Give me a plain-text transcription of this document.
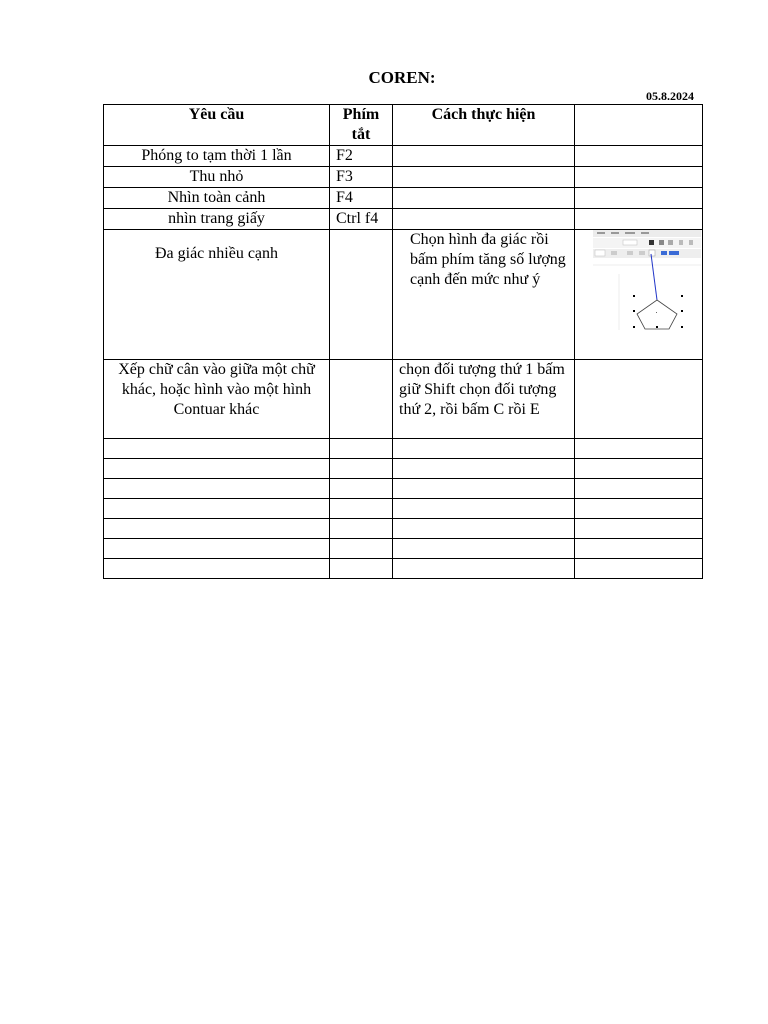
COREN:
05.8.2024
Yêu cầu	Phím tắt	Cách thực hiện	
Phóng to tạm thời 1 lần	F2		
Thu nhỏ	F3		
Nhìn toàn cảnh	F4		
nhìn trang giấy	Ctrl f4		
Đa giác nhiều cạnh		Chọn hình đa giác rồi bấm phím tăng số lượng cạnh đến mức như ý	

Xếp chữ cân vào giữa một chữ khác, hoặc hình vào một hình Contuar khác		chọn đối tượng thứ 1 bấm giữ Shift chọn đối tượng thứ 2, rồi bấm C rồi E	
